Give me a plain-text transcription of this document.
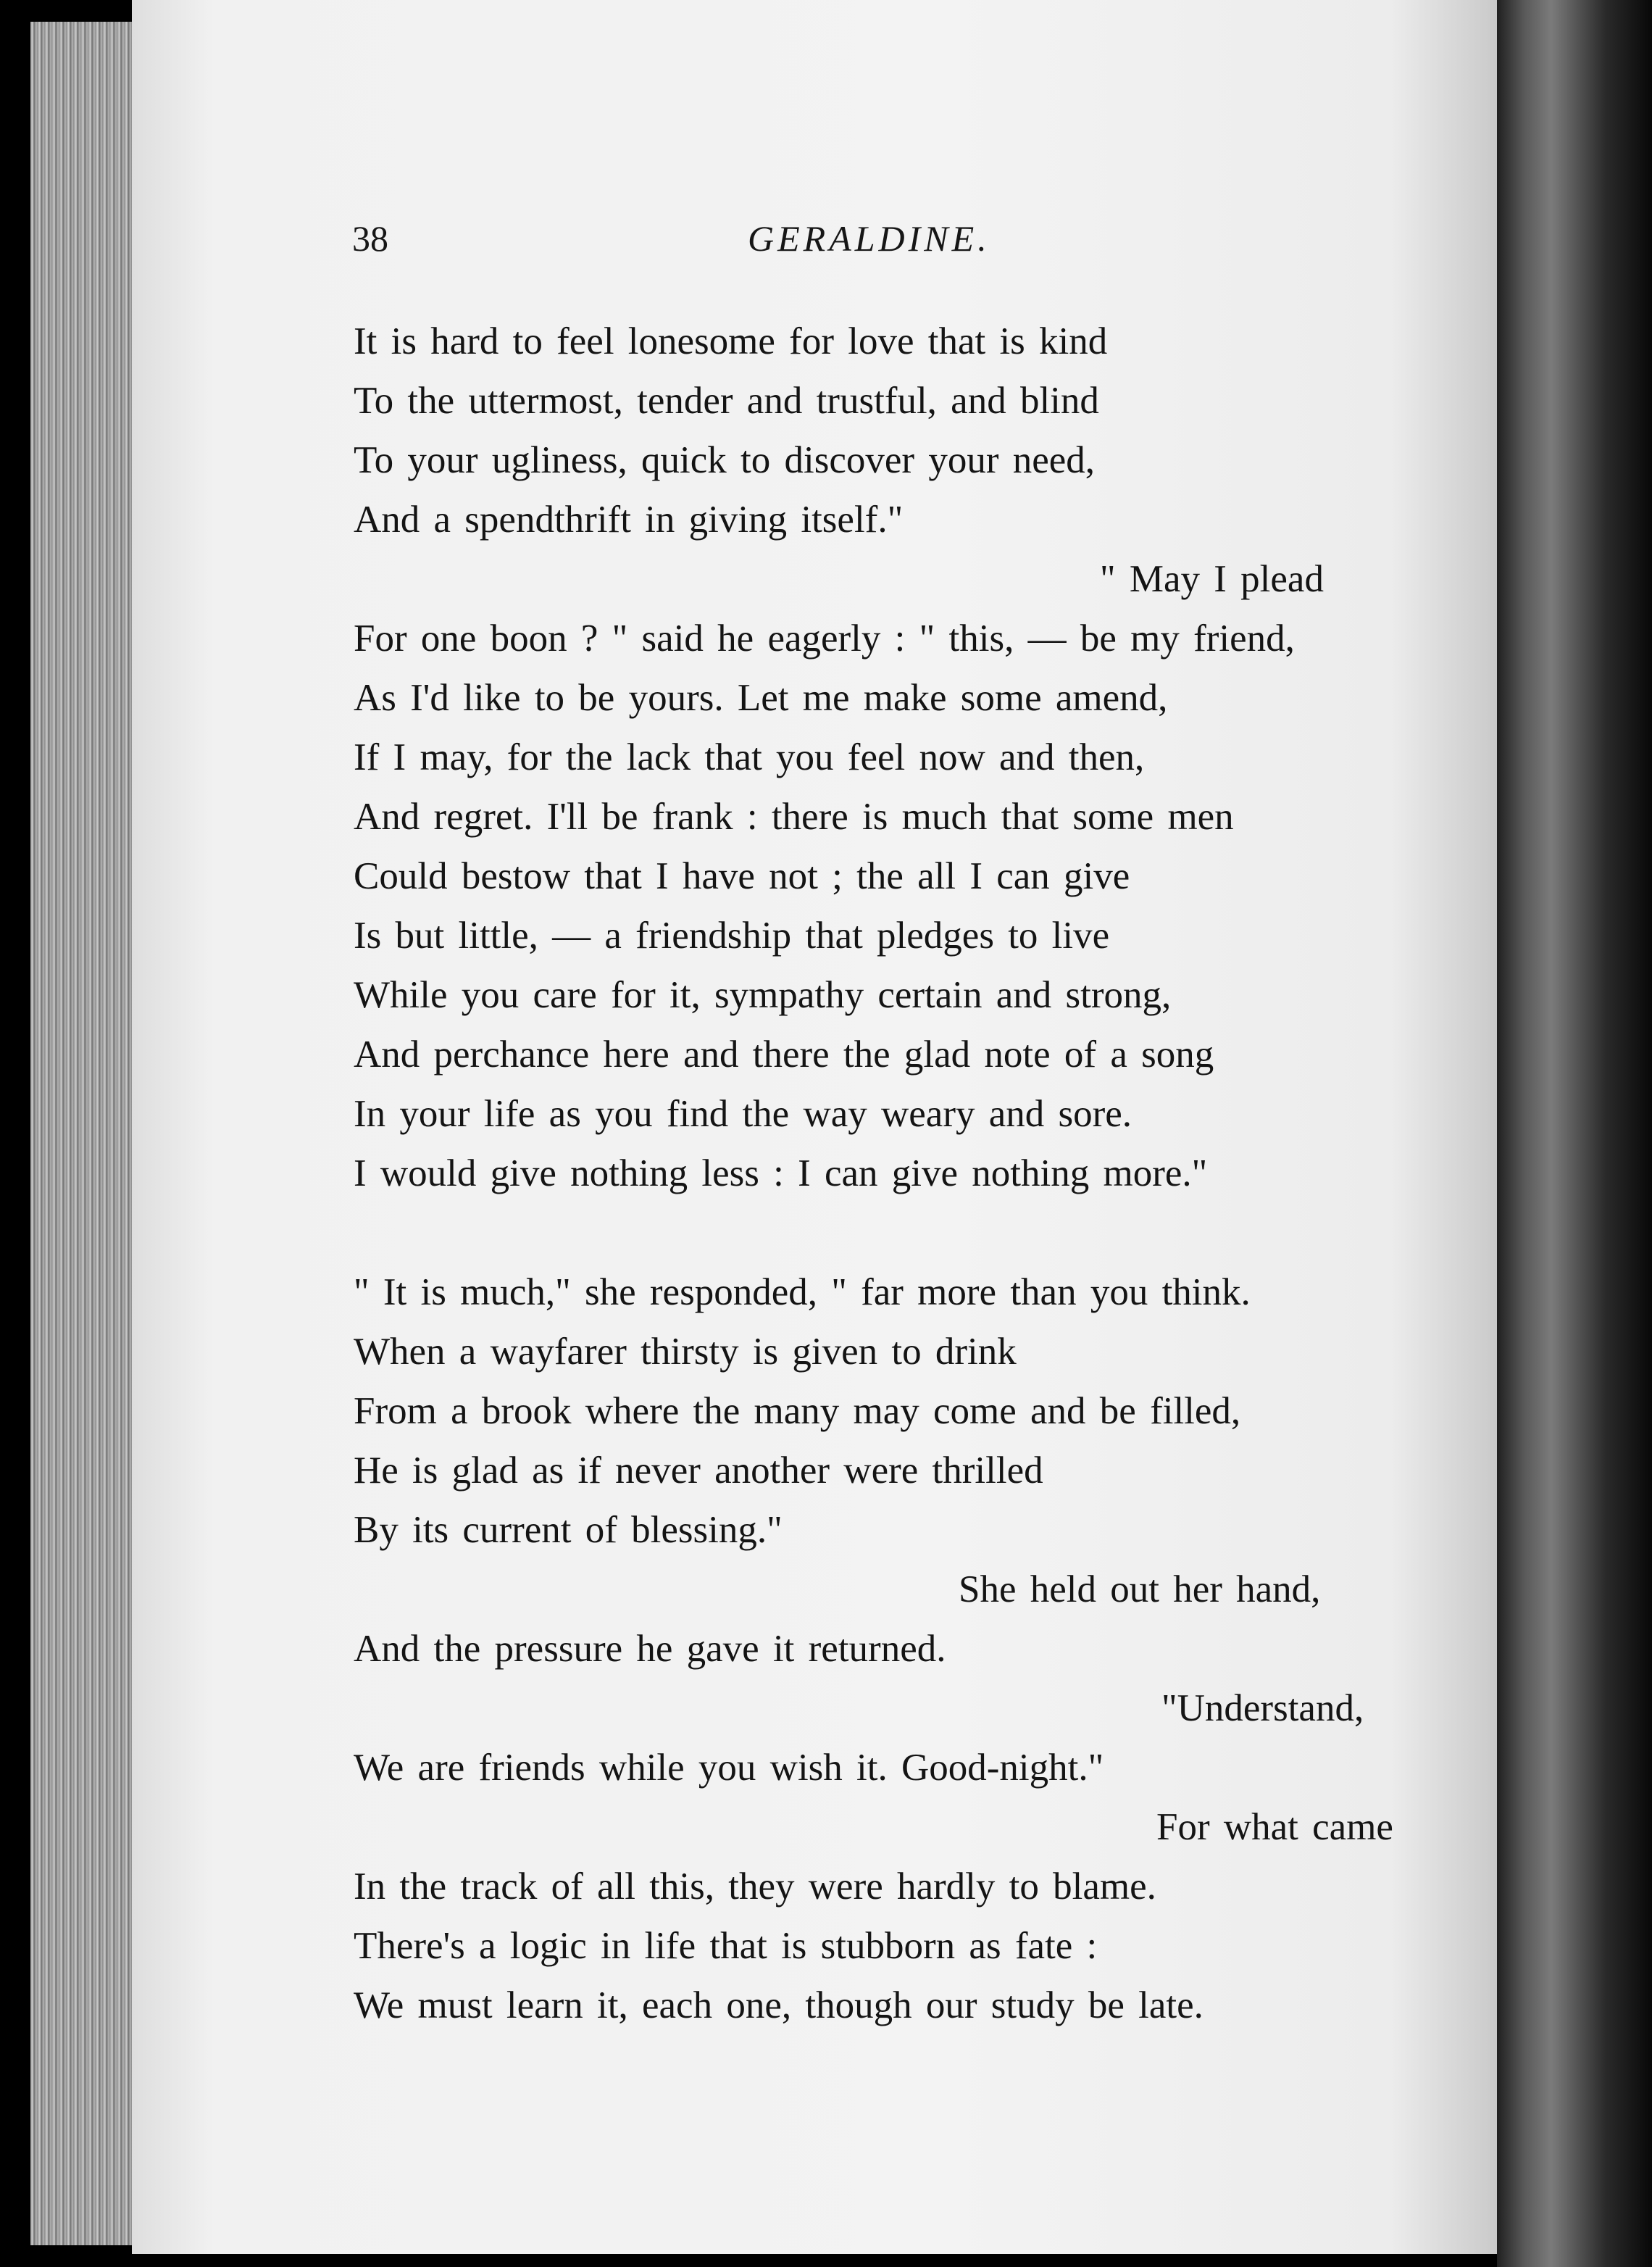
38	GERALDINE.
It is hard to feel lonesome for love that is kind
To the uttermost, tender and trustful, and blind
To your ugliness, quick to discover your need,
And a spendthrift in giving itself."
" May I plead
For one boon ? " said he eagerly : " this, — be my friend,
As I'd like to be yours. Let me make some amend,
If I may, for the lack that you feel now and then,
And regret. I'll be frank : there is much that some men
Could bestow that I have not ; the all I can give
Is but little, — a friendship that pledges to live
While you care for it, sympathy certain and strong,
And perchance here and there the glad note of a song
In your life as you find the way weary and sore.
I would give nothing less : I can give nothing more."
" It is much," she responded, " far more than you think.
When a wayfarer thirsty is given to drink
From a brook where the many may come and be filled,
He is glad as if never another were thrilled
By its current of blessing."
She held out her hand,
And the pressure he gave it returned.
"Understand,
We are friends while you wish it. Good-night."
For what came
In the track of all this, they were hardly to blame.
There's a logic in life that is stubborn as fate :
We must learn it, each one, though our study be late.
